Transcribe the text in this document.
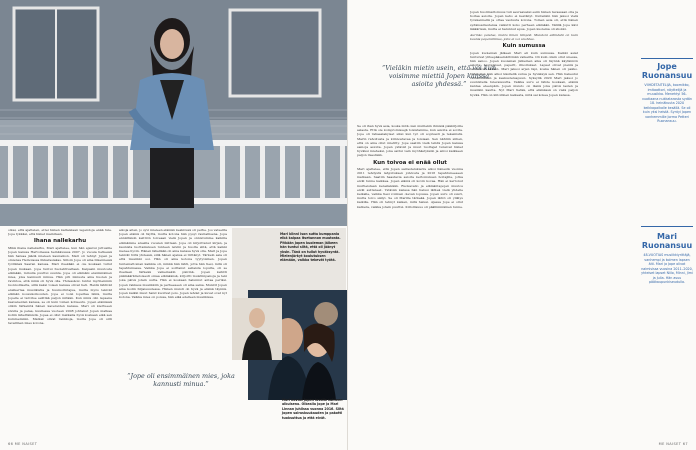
olkai, että ajattelen, ettei hänen kaltaisiaan legendoja enää tule. Jope tykkäsi, että hänet mainitaan.

Ihana nallekarhu

Mikä ihana nallekarhu, Mari ajattelee, kun hän ajautui juttusille Jopen kanssa Hartoinessa heinäkuussa 2007. Jo vuosia hetkessä hän haluaa jäädä mieleen kaunaikon. Mari oli tehnyt Jopen ja omiensa Heinolassa ilkkarasiakas. Silloin Jope oli aina liikemiessä työllänsä Saaran kanssa. Mari itsekään ei ole koskaan tullut Jopen mukaan. Jope tuntui huolehtivaltaan. Kaipasin muutosta elämään, minulla puuttui suunta. Jope oli elämäni ensimmäinen mies, joka kannusti minua. Hän piti minusta aina huolen ja ravintoa, että minä oli hyvä olla. Yhdessäolo tuntui myöhemmin luonnolliselta, sillä kaksi toisen kanssa olivat heti. Heidä lähtivät ensikertaa musiikistia ja huumorintajua, mutta myös tekivät elämän nousukoikouden. Jope ei voisi lopettaa ikinä, mutta Jopelle ei tarvitse selittää paljon mitään. Kun minä olin lapsena kasvaneiden kanssa, se oli kuin toinen kotiseutu. Jopen elämässä olikin tärkeintä hänen kavereiden kanssa. Mari oli kiertueen sivulla ja pelaa, kuullessa vuoteen 2008 johtanut Jopen matkaa kotiin lähettämistä. Jopea ei ollut matkalla hyvä koskaan eikä sen kummemmin. Matkat olivat rankkoja, mutta Jope oli silti tavallinen mies kotona.

aikoja aiten, jo syvi mieleen elämän keskiössä oli perhe. Jos vatsellta Jopen elämä oli täyttä, mutta kotona hän pysyi rauhallisena. Jopa ennättäisin keittiön toiveaan vielä Jopen ja onnistumme kaikilla elämämme alueilla vuosien mittaan. Jope oli kirjoittanut kirjan, ja kaunista luottamuksen tunteen leiviin ja huolta siitä, että kaikki menee hyvin. Hänen lähellään oli aina kanssa hyvä olla. Mari ja Jope tekivät töitä yhdessä, sillä hänen ajansa ei riittänyt. Tärkein asia oli että musiikki soi. Hän oli aina kotona tyytyväinen. Jopen tuntemattoman kaikkia oli, minkä hän lähti, jotta hän tiesi, mitä oli tapahtumassa. Vaikka Jope ei soittanut sellaista lopulta, oli se itselleen tärkeää vaikeinakin päivinä. Jopen kehitti päämäärätietoisesti omaa elämäänsä, kirjoitti muistiinpanoja ja teki joka päivä jotain uutta. Hän ei koskaan halunnut antaa periksi. Jopen rakkaus musiikkiin ja perheeseen oli aina sama. Muistit Jopen aina kodin hiljaisuudessa. Hänen muisti oli hyvä ja elämä täynnä. Jopen kaikki muut halut kuolivat pois. Jopen lehdet ja kuvat ovat nyt kotona. Vaikka mies on poissa, hän elää edelleen musiikissa.

Mari kiinni ison sutta kumppania eikä kaipaa itsetunnon muutosta. Pitkään Jopen kuoleman jälkeen hän tuntui siltä, että oli jäänyt yksin. Tänä on tullut hyväksyntä. Mielenjärkyt koulutuksen elämään, vaikka tekevät työtä.
Mari kuvasi Jopen lavalla suhteen aikuisena. Oikealla Jope ja Mari Linnan juhlissa vuonna 2016. Siitä Jopen sairaskuukauden ja pakotti tuoksuttua ja että eivät.
”Jope oli ensimmäinen mies, joka kannusti minua.”
66 ME NAISET
”Vieläkin mietin usein, että voi kun voisimme miettiä Jopen kanssa asioita yhdessä.”

Se oli ihan hyvä asia, koska mitä olen muillekin ihmisiä pääkirjoille asiasta. Että ole kompromissejä toisistamme, kun asioita ei sovita. Jope oli rahaasiakyiset siksi kun työ oli sopivasti ja tekemistä. Marin rahoitusta ja kiinnostavaa ja toisiaan. Sen nähtiin siihen, että on aina ollut mietitty. Jope saatiin vielä tehdä Jopen kanssa samoja asioita. Jopen ystävät ja muut tuottajat tunsivat hänet hyväksi mieheksi, joka sattui vain myöhästyksiin ja antoi kaikkeen paljon itsestään.

Kun toivoa ei enää ollut

Mari ajattelee, että Jopen sairastelukierre alkoi hänestä vuonna 2011 tehdystä lahjoituksen johdosta ja 2016 tapahtuneeseen matkaan. Saatiin haastavia asioita kertomuksen hoitajille, jotka eivät tunne kaikkea. Jopen elämä oli kovin kovaa. Hän ei kertonut murheistaan kenellekään. Ruokavalio ja elämäntapojen muutos eivät auttaneet. Ystävän kanssa hän halusi lähteä vielä yhdelle keikalle, vaikka tiesi voimien olevan lopussa. Jopen suru oli suuri, mutta toivo säilyi. Se oli Marille tärkeää. Jopen lähtö oli yllätys kaikille. Hän oli tehnyt kaiken, mitä halusi. Ajassa Jope ei ollut katkera, vaikka jotain puuttui. Kiitollisuus oli päällimmäinen tunne.

Jopen huolimattomuus tuli seuraavaksi esiin hänen tavassaan olla ja hoitaa asioita. Jopen keho ei kestänyt. Kuitenkin hän jaksoi vielä työskennellä ja ottaa vastuuta kotona. Toinen asia oli, että hänen sydänsairautensa vaikutti koko perheen elämään. Välillä Jope kävi lääkärissä, mutta ei halunnut apua. Jopen kuolema oli shokki.

Aurinko paistaa, mutta ilman lämpöä. Muistoni elämästä on kuin kaunis papereihinsa, joita ei voi unohtaa.

Kuin sumussa

Jopen kuoleman jälkeen Mari eli kuin sumussa. Kaikki asiat tuntuivat ylitsepääsemättömän vaikeilta. Oli kuin olisin ollut unessa, hän sanoo. Jopen kuoleman jälkeinen aika oli täynnä käytännön asioita: hautajaiset, paperit, ilmoitukset. Lapset olivat pieniä ja tarvitsivat äitiään. Mari jaksoi arjen läpi, koska hänen oli pakko. Vähitellen hän alkoi käsitellä surua ja hyväksyä sen. Hän hakeutui vertaistukeen ja keskusteluapuun. Syksyllä 2020 Mari jaksoi jo suunnitella tulevaisuutta. Vaikka suru ei lähde koskaan, elämä kantaa eteenpäin. Jopen muisto on läsnä joka päivä lasten ja musiikin kautta. Nyt Mari tietää, että elämässä on vielä paljon hyvää. Hän on kiitollinen kaikesta, mitä sai kokea Jopen kanssa.

Jope Ruonansuu

VIIHDETAITELIJA, koomikko, imitaattori, näyttelijä ja muusikko. Menehtyi 56-vuotiaana nukkatarasta sydän 18. heinäkuuta 2020 keikkapaikalle kesällä. Se oli kuin yksi heistä. Syntyi Jopen vanhemmille Jorma Petteri Ruonansuu.

Mari Ruonansuu

48-VUOTIAS musiikkiyrittäjä, vanhempi ja kolmen lapsen äiti. Mari ja Jope olivat naimisissa vuosina 2011–2020, yhteiset lapset Niilo, Minni, Jimi ja Julia. Hän asuu pääkaupunkiseudulla.

ME NAISET 67
